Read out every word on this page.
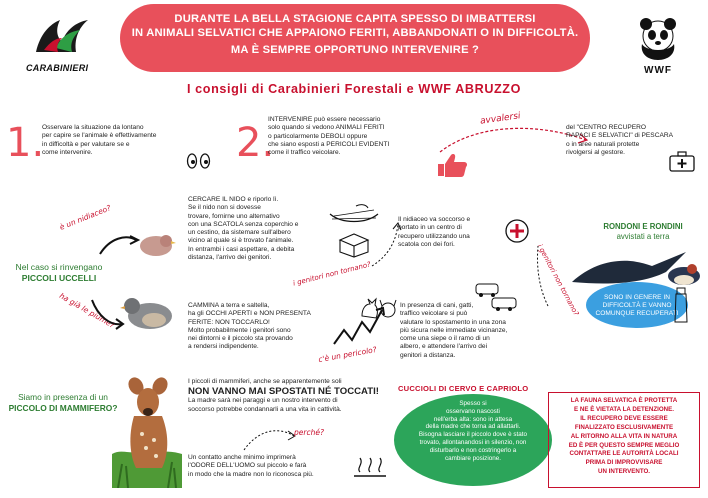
CARABINIERI
DURANTE LA BELLA STAGIONE CAPITA SPESSO DI IMBATTERSI
IN ANIMALI SELVATICI CHE APPAIONO FERITI, ABBANDONATI O IN DIFFICOLTÀ.
MA È SEMPRE OPPORTUNO INTERVENIRE ?
WWF
I consigli di Carabinieri Forestali e WWF ABRUZZO
1.
Osservare la situazione da lontano
per capire se l'animale è effettivamente
in difficoltà e per valutare se e
come intervenire.	2.
INTERVENIRE può essere necessario
solo quando si vedono ANIMALI FERITI
o particolarmente DEBOLI oppure
che siano esposti a PERICOLI EVIDENTI
come il traffico veicolare.
avvalersi
del "CENTRO RECUPERO
RAPACI E SELVATICI" di PESCARA
o in aree naturali protette
rivolgersi al gestore.
è un nidiaceo?
Nel caso si rinvengano
PICCOLI UCCELLI
ha già le piume?
CERCARE IL NIDO e riporlo lì.
Se il nido non si dovesse
trovare, fornirne uno alternativo
con una SCATOLA senza coperchio e
un cestino, da sistemare sull'albero
vicino al quale si è trovato l'animale.
In entrambi i casi aspettare, a debita
distanza, l'arrivo dei genitori.
i genitori non tornano?
Il nidiaceo va soccorso e
portato in un centro di
recupero utilizzando una
scatola con dei fori.	i genitori non tornano?
CAMMINA a terra e saltella,
ha gli OCCHI APERTI e NON PRESENTA
FERITE: NON TOCCARLO!
Molto probabilmente i genitori sono
nei dintorni e il piccolo sta provando
a rendersi indipendente.	c'è un pericolo?
In presenza di cani, gatti,
traffico veicolare si può
valutare lo spostamento in una zona
più sicura nelle immediate vicinanze,
come una siepe o il ramo di un
albero, e attendere l'arrivo dei
genitori a distanza.
RONDONI E RONDINI
avvistati a terra
SONO IN GENERE IN
DIFFICOLTÀ E VANNO
COMUNQUE RECUPERATI
Siamo in presenza di un
PICCOLO DI MAMMIFERO?
I piccoli di mammiferi, anche se apparentemente soli
NON VANNO MAI SPOSTATI NÉ TOCCATI!
La madre sarà nei paraggi e un nostro intervento di
soccorso potrebbe condannarli a una vita in cattività.
perché?
Un contatto anche minimo imprimerà
l'ODORE DELL'UOMO sul piccolo e farà
in modo che la madre non lo riconosca più.
CUCCIOLI DI CERVO E CAPRIOLO
Spesso si
osservano nascosti
nell'erba alta: sono in attesa
della madre che torna ad allattarli.
Bisogna lasciare il piccolo dove è stato
trovato, allontanandosi in silenzio, non
disturbarlo e non costringerlo a
cambiare posizione.
LA FAUNA SELVATICA È PROTETTA
E NE È VIETATA LA DETENZIONE.
IL RECUPERO DEVE ESSERE
FINALIZZATO ESCLUSIVAMENTE
AL RITORNO ALLA VITA IN NATURA
ED È PER QUESTO SEMPRE MEGLIO
CONTATTARE LE AUTORITÀ LOCALI
PRIMA DI IMPROVVISARE
UN INTERVENTO.
